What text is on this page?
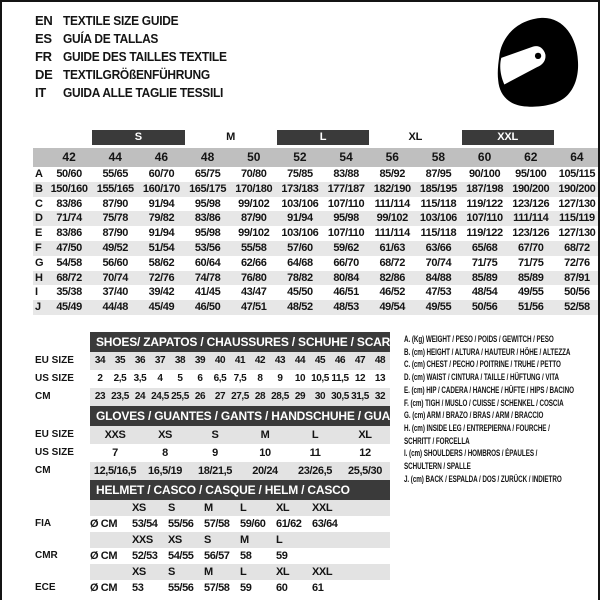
EN TEXTILE SIZE GUIDE
ES GUÍA DE TALLAS
FR GUIDE DES TAILLES TEXTILE
DE TEXTILGRÖßENFÜHRUNG
IT	GUIDA ALLE TAGLIE TESSILI
S	M	L	XL	XXL
42	44	46	48	50	52	54	56	58	60	62	64
A	50/60	55/65	60/70	65/75	70/80	75/85	83/88	85/92	87/95	90/100	95/100	105/115
B 150/160 155/165 160/170 165/175 170/180 173/183 177/187 182/190 185/195 187/198 190/200 190/200
C	83/86	87/90	91/94	95/98	99/102	103/106 107/110 111/114 115/118 119/122 123/126 127/130
D	71/74	75/78	79/82	83/86	87/90	91/94	95/98	99/102	103/106 107/110 111/114 115/119
E	83/86	87/90	91/94	95/98	99/102	103/106 107/110 111/114 115/118 119/122 123/126 127/130
F	47/50	49/52	51/54	53/56	55/58	57/60	59/62	61/63	63/66	65/68	67/70	68/72
G	54/58	56/60	58/62	60/64	62/66	64/68	66/70	68/72	70/74	71/75	71/75	72/76
H	68/72	70/74	72/76	74/78	76/80	78/82	80/84	82/86	84/88	85/89	85/89	87/91
I	35/38	37/40	39/42	41/45	43/47	45/50	46/51	46/52	47/53	48/54	49/55	50/56
J	45/49	44/48	45/49	46/50	47/51	48/52	48/53	49/54	49/55	50/56	51/56	52/58
SHOES/ ZAPATOS / CHAUSSURES / SCHUHE / SCARPE
EU SIZE	34 35 36 37 38 39 40 41 42 43 44 45 46 47 48
US SIZE	2	2,5 3,5	4	5	6	6,5 7,5	8	9	10 10,5 11,5 12 13
CM	23 23,5 24 24,5 25,5 26 27 27,5 28 28,5 29 30 30,5 31,5 32
GLOVES / GUANTES / GANTS / HANDSCHUHE / GUANTI
EU SIZE	XXS	XS	S	M	L	XL
US SIZE	7	8	9	10	11	12
CM	12,5/16,5	16,5/19	18/21,5	20/24	23/26,5	25,5/30
HELMET / CASCO / CASQUE / HELM / CASCO
XS	S	M	L	XL	XXL
FIA	Ø CM	53/54 55/56 57/58 59/60 61/62 63/64
XXS	XS	S	M	L
CMR	Ø CM	52/53 54/55 56/57 58	59
XS	S	M	L	XL	XXL
ECE	Ø CM	53	55/56 57/58 59	60	61
A. (Kg) WEIGHT / PESO / POIDS / GEWITCH / PESO
B. (cm) HEIGHT / ALTURA / HAUTEUR / HÖHE / ALTEZZA
C. (cm) CHEST / PECHO / POITRINE / TRUHE / PETTO
D. (cm) WAIST / CINTURA / TAILLE / HÜFTUNG / VITA
E. (cm) HIP / CADERA / HANCHE / HÜFTE / HIPS / BACINO
F. (cm) TIGH / MUSLO / CUISSE / SCHENKEL / COSCIA
G. (cm) ARM / BRAZO / BRAS / ARM / BRACCIO
H. (cm) INSIDE LEG / ENTREPIERNA / FOURCHE /
SCHRITT / FORCELLA
I. (cm) SHOULDERS / HOMBROS / ÉPAULES /
SCHULTERN / SPALLE
J. (cm) BACK / ESPALDA / DOS / ZURÜCK / INDIETRO
